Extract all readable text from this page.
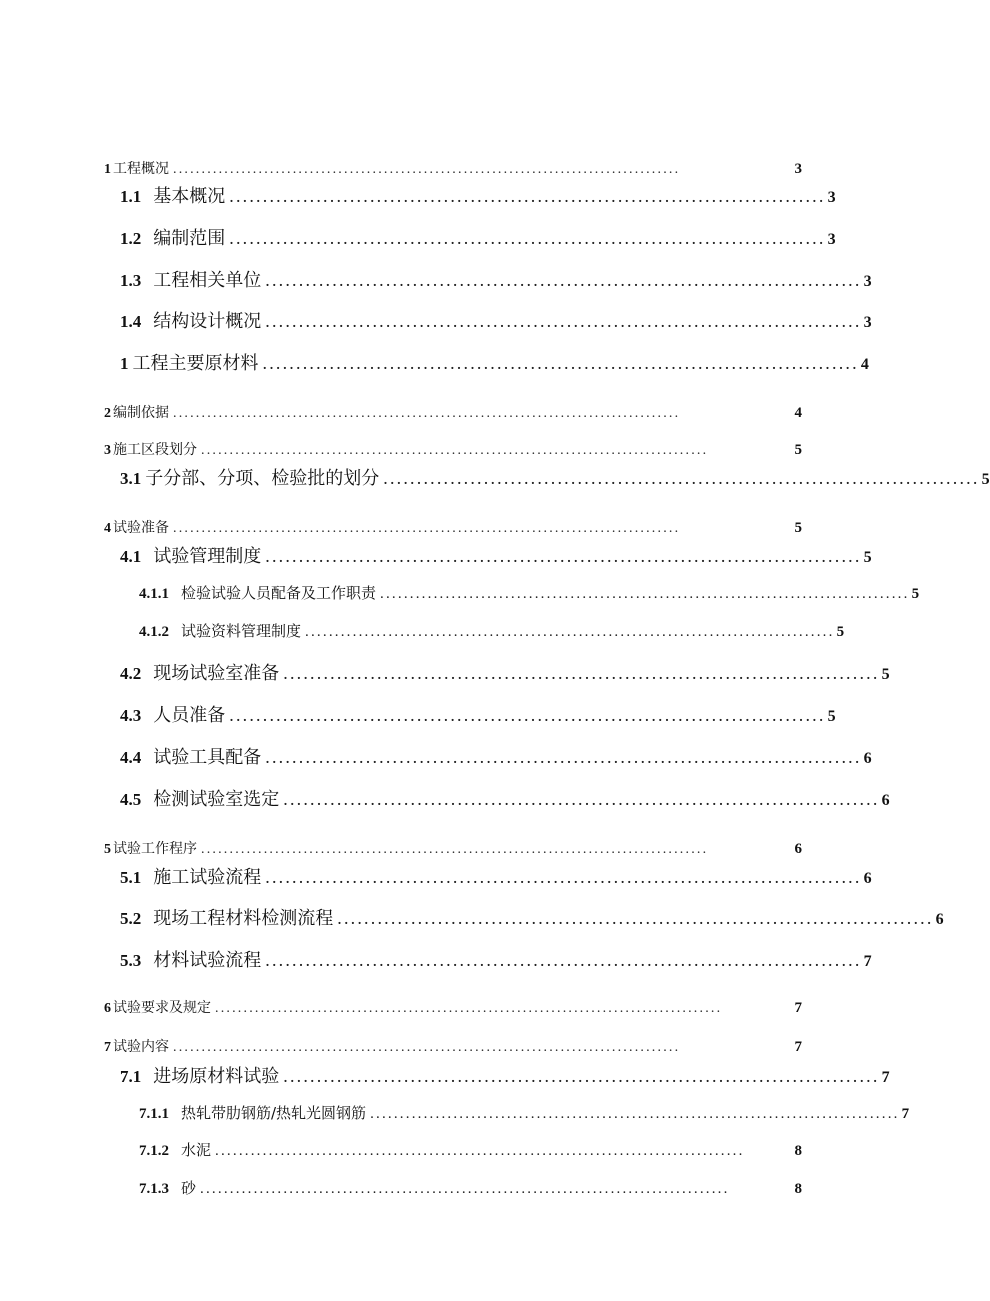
1 工程概况 .........................................................................................	3
1.1 基本概况 ......................................................................................... 3
1.2 编制范围 ......................................................................................... 3
1.3 工程相关单位 ......................................................................................... 3
1.4 结构设计概况 ......................................................................................... 3
1 工程主要原材料 ......................................................................................... 4
2 编制依据 .........................................................................................	4
3 施工区段划分 .........................................................................................	5
3.1 子分部、分项、检验批的划分 ......................................................................................... 5
4 试验准备 .........................................................................................	5
4.1 试验管理制度 ......................................................................................... 5
4.1.1 检验试验人员配备及工作职责 ......................................................................................... 5
4.1.2 试验资料管理制度 ......................................................................................... 5
4.2 现场试验室准备 ......................................................................................... 5
4.3 人员准备 ......................................................................................... 5
4.4 试验工具配备 ......................................................................................... 6
4.5 检测试验室选定 ......................................................................................... 6
5 试验工作程序 .........................................................................................	6
5.1 施工试验流程 ......................................................................................... 6
5.2 现场工程材料检测流程 ......................................................................................... 6
5.3 材料试验流程 ......................................................................................... 7
6 试验要求及规定 .........................................................................................	7
7 试验内容 .........................................................................................	7
7.1 进场原材料试验 ......................................................................................... 7
7.1.1 热轧带肋钢筋/热轧光圆钢筋 ......................................................................................... 7
7.1.2 水泥 .........................................................................................	8
7.1.3 砂 .........................................................................................	8
